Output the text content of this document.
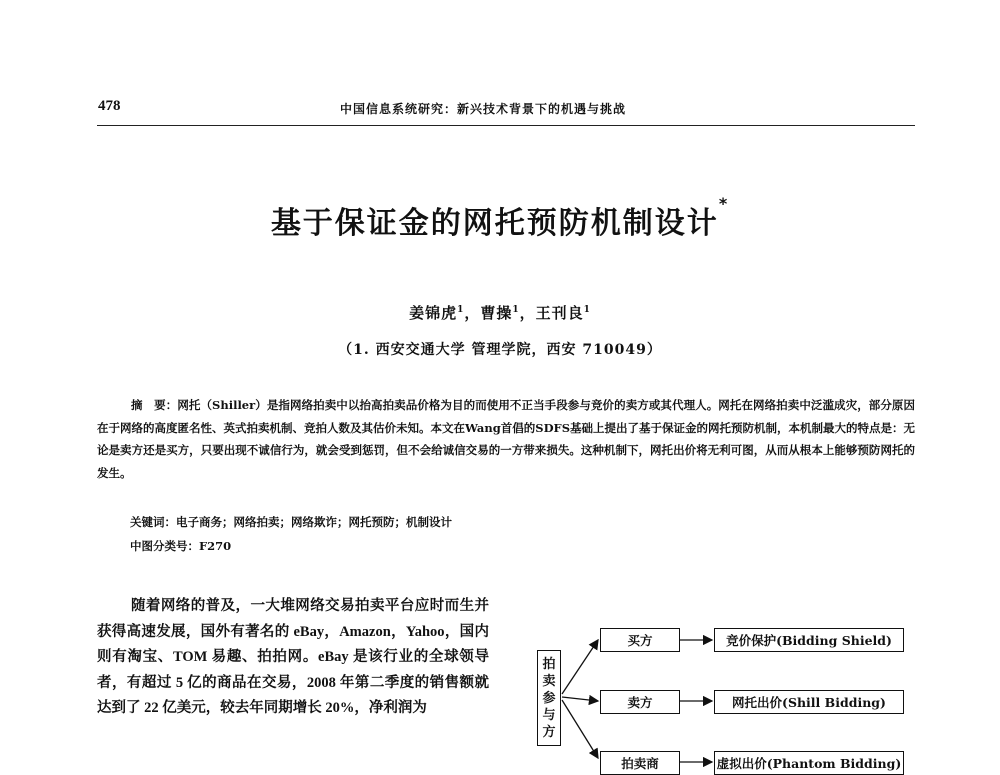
478	中国信息系统研究：新兴技术背景下的机遇与挑战
基于保证金的网托预防机制设计*
姜锦虎$^1$，曹操$^1$，王刊良$^1$
（1. 西安交通大学 管理学院，西安 710049）
摘　要：网托（Shiller）是指网络拍卖中以抬高拍卖品价格为目的而使用不正当手段参与竞价的卖方或其代理人。网托在网络拍卖中泛滥成灾，部分原因在于网络的高度匿名性、英式拍卖机制、竞拍人数及其估价未知。本文在Wang首倡的SDFS基础上提出了基于保证金的网托预防机制，本机制最大的特点是：无论是卖方还是买方，只要出现不诚信行为，就会受到惩罚，但不会给诚信交易的一方带来损失。这种机制下，网托出价将无利可图，从而从根本上能够预防网托的发生。
关键词：电子商务；网络拍卖；网络欺诈；网托预防；机制设计
中图分类号：F270
随着网络的普及，一大堆网络交易拍卖平台应时而生并获得高速发展，国外有著名的 eBay，Amazon，Yahoo，国内则有淘宝、TOM 易趣、拍拍网。eBay 是该行业的全球领导者，有超过 5 亿的商品在交易，2008 年第二季度的销售额就达到了 22 亿美元，较去年同期增长 20%，净利润为
拍卖参与方
买方
卖方
拍卖商
竞价保护(Bidding Shield)
网托出价(Shill Bidding)
虚拟出价(Phantom Bidding)
